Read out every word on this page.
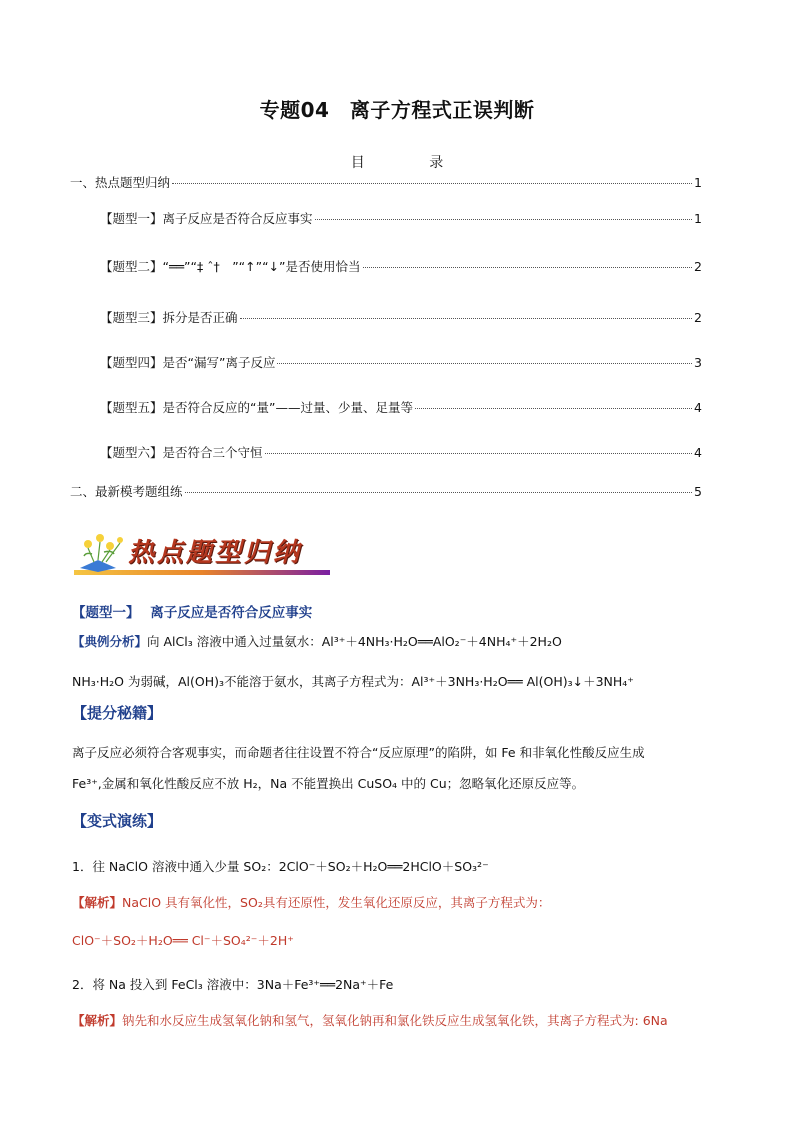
专题04　离子方程式正误判断
目 录
一、热点题型归纳	1
【题型一】离子反应是否符合反应事实	1
【题型二】“══”“‡ ˆ†　”“↑”“↓”是否使用恰当	2
【题型三】拆分是否正确	2
【题型四】是否“漏写”离子反应	3
【题型五】是否符合反应的“量”——过量、少量、足量等	4
【题型六】是否符合三个守恒	4
二、最新模考题组练	5
热点题型归纳
【题型一】 离子反应是否符合反应事实
【典例分析】向 AlCl₃ 溶液中通入过量氨水：Al³⁺＋4NH₃·H₂O══AlO₂⁻＋4NH₄⁺＋2H₂O
NH₃·H₂O 为弱碱，Al(OH)₃不能溶于氨水，其离子方程式为：Al³⁺＋3NH₃·H₂O══ Al(OH)₃↓＋3NH₄⁺
【提分秘籍】
离子反应必须符合客观事实，而命题者往往设置不符合“反应原理”的陷阱，如 Fe 和非氧化性酸反应生成
Fe³⁺,金属和氧化性酸反应不放 H₂，Na 不能置换出 CuSO₄ 中的 Cu；忽略氧化还原反应等。
【变式演练】
1．往 NaClO 溶液中通入少量 SO₂：2ClO⁻＋SO₂＋H₂O══2HClO＋SO₃²⁻
【解析】NaClO 具有氧化性，SO₂具有还原性，发生氧化还原反应，其离子方程式为：
ClO⁻＋SO₂＋H₂O══ Cl⁻＋SO₄²⁻＋2H⁺
2．将 Na 投入到 FeCl₃ 溶液中：3Na＋Fe³⁺══2Na⁺＋Fe
【解析】钠先和水反应生成氢氧化钠和氢气，氢氧化钠再和氯化铁反应生成氢氧化铁，其离子方程式为: 6Na
